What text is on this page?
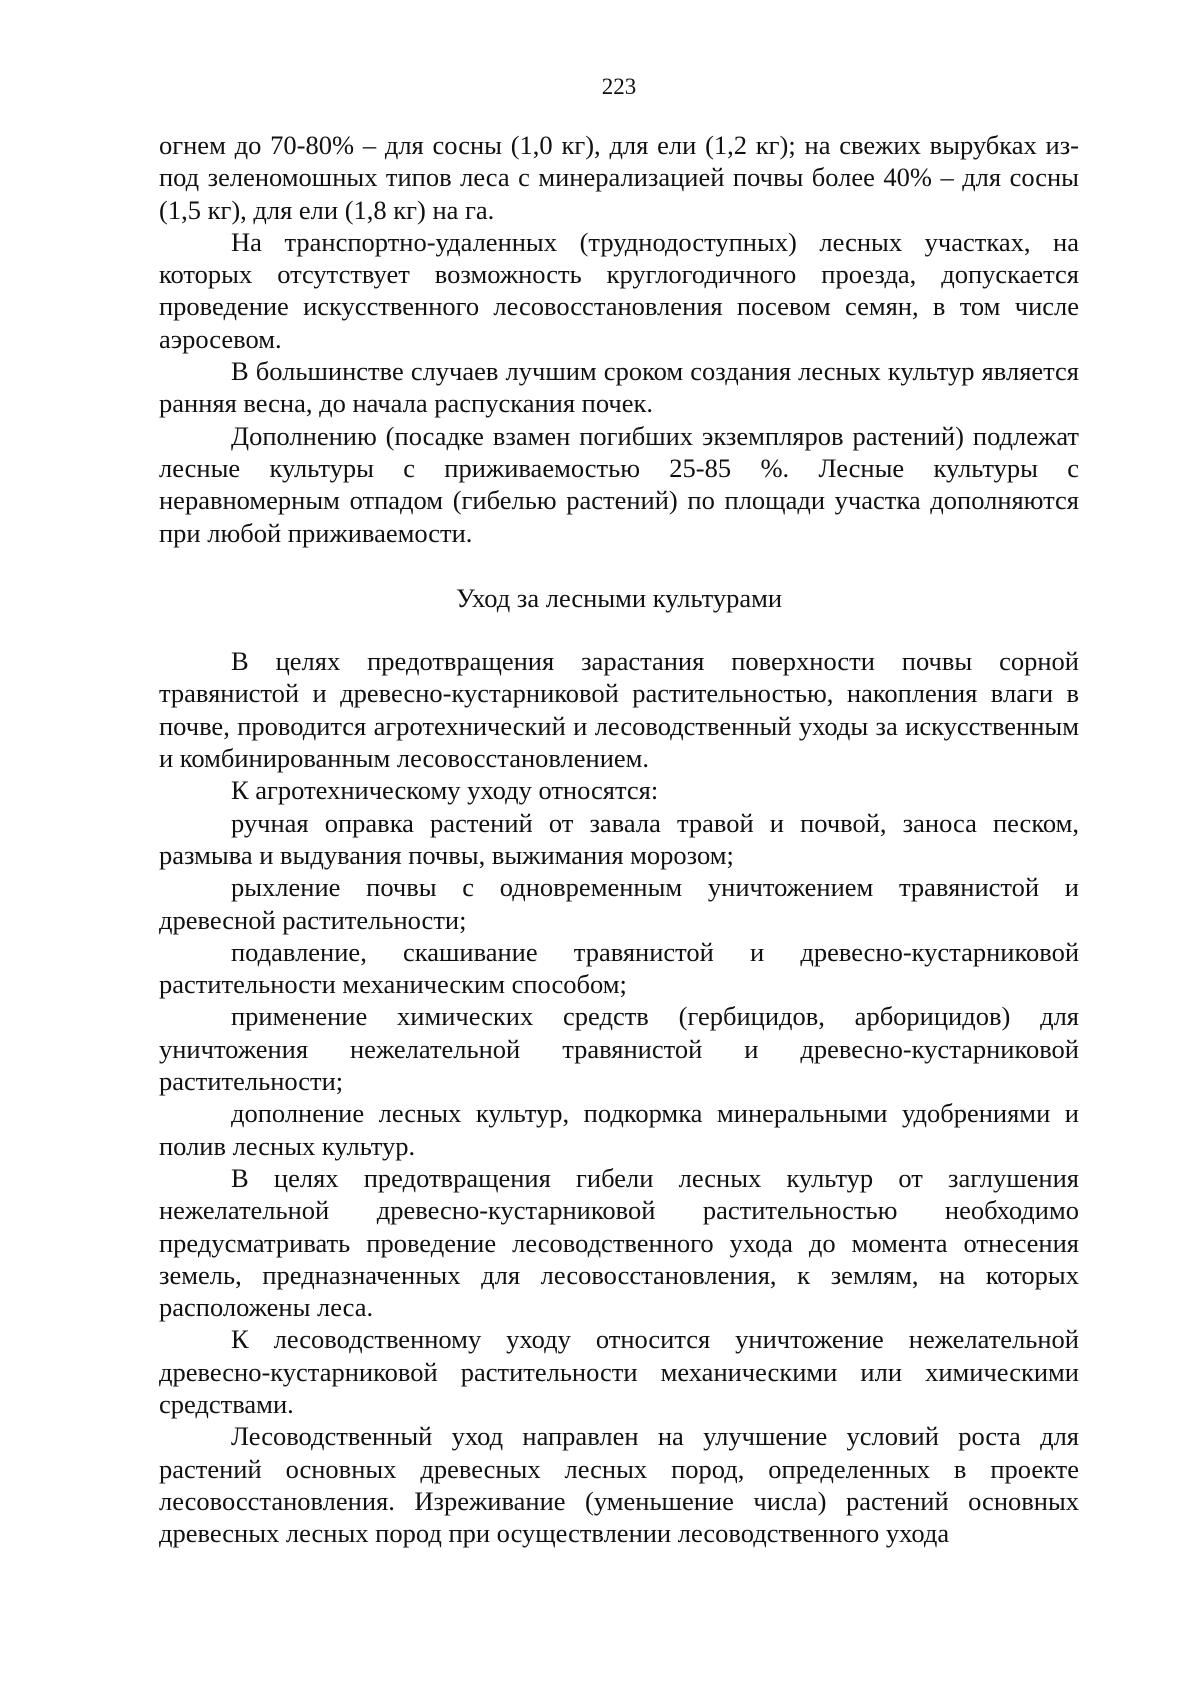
223

огнем до 70-80% – для сосны (1,0 кг), для ели (1,2 кг); на свежих вырубках из-под зеленомошных типов леса с минерализацией почвы более 40% – для сосны (1,5 кг), для ели (1,8 кг) на га.

На транспортно-удаленных (труднодоступных) лесных участках, на которых отсутствует возможность круглогодичного проезда, допускается проведение искусственного лесовосстановления посевом семян, в том числе аэросевом.

В большинстве случаев лучшим сроком создания лесных культур является ранняя весна, до начала распускания почек.

Дополнению (посадке взамен погибших экземпляров растений) подлежат лесные культуры с приживаемостью 25-85 %. Лесные культуры с неравномерным отпадом (гибелью растений) по площади участка дополняются при любой приживаемости.

Уход за лесными культурами

В целях предотвращения зарастания поверхности почвы сорной травянистой и древесно-кустарниковой растительностью, накопления влаги в почве, проводится агротехнический и лесоводственный уходы за искусственным и комбинированным лесовосстановлением.

К агротехническому уходу относятся:

ручная оправка растений от завала травой и почвой, заноса песком, размыва и выдувания почвы, выжимания морозом;

рыхление почвы с одновременным уничтожением травянистой и древесной растительности;

подавление, скашивание травянистой и древесно-кустарниковой растительности механическим способом;

применение химических средств (гербицидов, арборицидов) для уничтожения нежелательной травянистой и древесно-кустарниковой растительности;

дополнение лесных культур, подкормка минеральными удобрениями и полив лесных культур.

В целях предотвращения гибели лесных культур от заглушения нежелательной древесно-кустарниковой растительностью необходимо предусматривать проведение лесоводственного ухода до момента отнесения земель, предназначенных для лесовосстановления, к землям, на которых расположены леса.

К лесоводственному уходу относится уничтожение нежелательной древесно-кустарниковой растительности механическими или химическими средствами.

Лесоводственный уход направлен на улучшение условий роста для растений основных древесных лесных пород, определенных в проекте лесовосстановления. Изреживание (уменьшение числа) растений основных древесных лесных пород при осуществлении лесоводственного ухода
